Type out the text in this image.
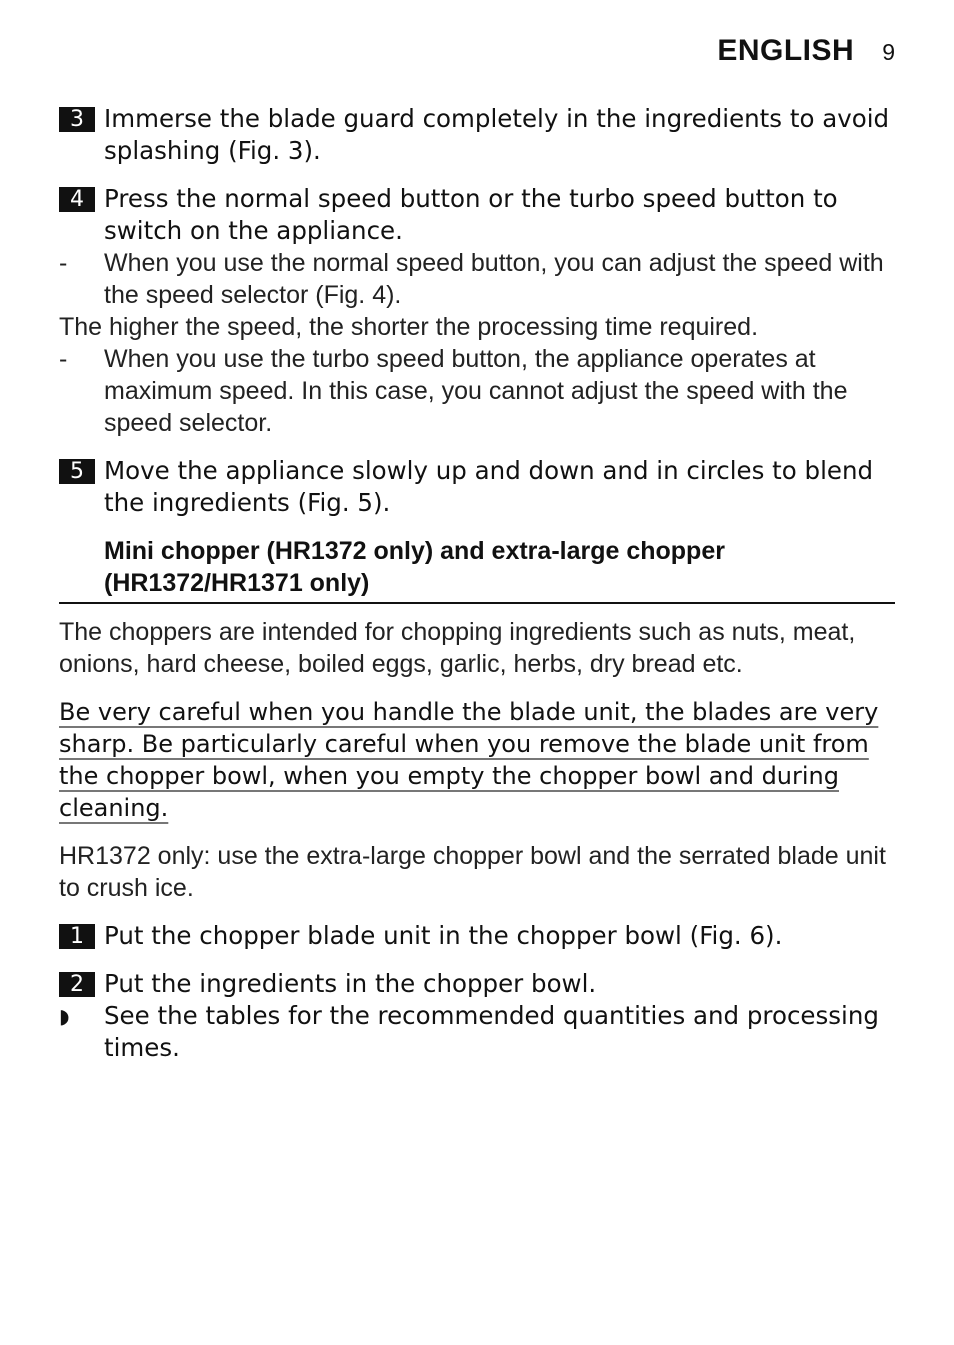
ENGLISH 9
3 Immerse the blade guard completely in the ingredients to avoid splashing (Fig. 3).
4 Press the normal speed button or the turbo speed button to switch on the appliance.
-	When you use the normal speed button, you can adjust the speed with the speed selector (Fig. 4).
The higher the speed, the shorter the processing time required.
-	When you use the turbo speed button, the appliance operates at maximum speed. In this case, you cannot adjust the speed with the speed selector.
5 Move the appliance slowly up and down and in circles to blend the ingredients (Fig. 5).
Mini chopper (HR1372 only) and extra-large chopper (HR1372/HR1371 only)
The choppers are intended for chopping ingredients such as nuts, meat, onions, hard cheese, boiled eggs, garlic, herbs, dry bread etc.
Be very careful when you handle the blade unit, the blades are very sharp. Be particularly careful when you remove the blade unit from the chopper bowl, when you empty the chopper bowl and during cleaning.
HR1372 only: use the extra-large chopper bowl and the serrated blade unit to crush ice.
1 Put the chopper blade unit in the chopper bowl (Fig. 6).
2 Put the ingredients in the chopper bowl.
◗ See the tables for the recommended quantities and processing times.
